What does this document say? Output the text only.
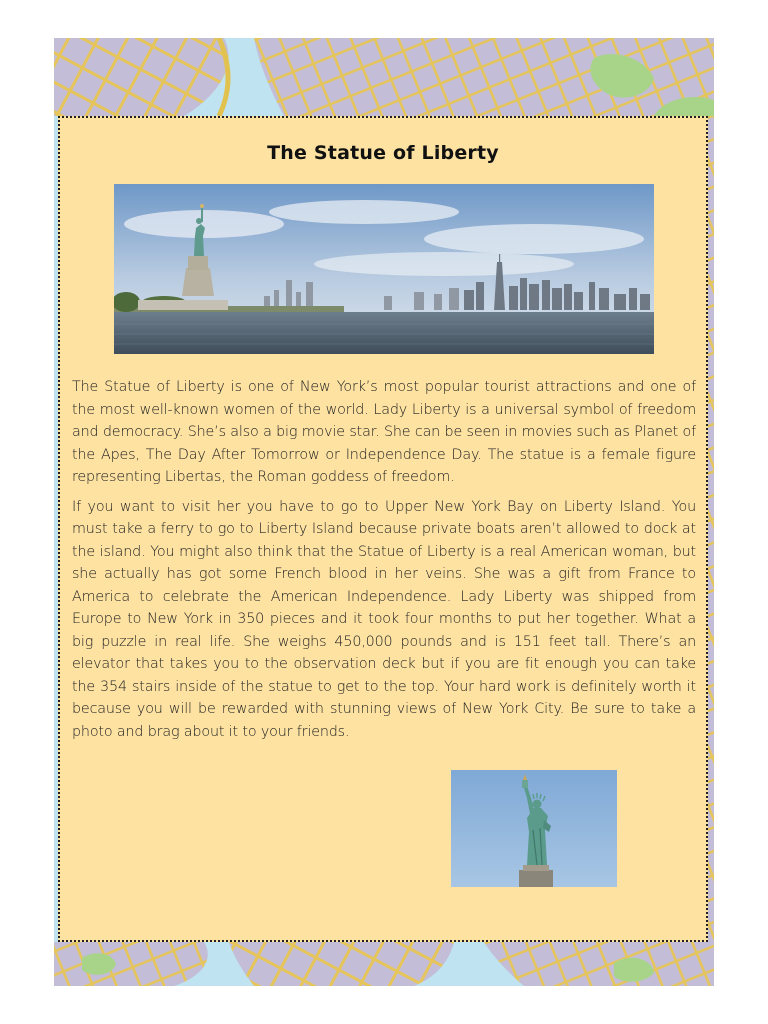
The Statue of Liberty

The Statue of Liberty is one of New York’s most popular tourist attractions and one of the most well-known women of the world. Lady Liberty is a universal symbol of freedom and democracy. She’s also a big movie star. She can be seen in movies such as Planet of the Apes, The Day After Tomorrow or Independence Day. The statue is a female figure representing Libertas, the Roman goddess of freedom.

If you want to visit her you have to go to Upper New York Bay on Liberty Island. You must take a ferry to go to Liberty Island because private boats aren’t allowed to dock at the island. You might also think that the Statue of Liberty is a real American woman, but she actually has got some French blood in her veins. She was a gift from France to America to celebrate the American Independence. Lady Liberty was shipped from Europe to New York in 350 pieces and it took four months to put her together. What a big puzzle in real life. She weighs 450,000 pounds and is 151 feet tall. There’s an elevator that takes you to the observation deck but if you are fit enough you can take the 354 stairs inside of the statue to get to the top. Your hard work is definitely worth it because you will be rewarded with stunning views of New York City. Be sure to take a photo and brag about it to your friends.
